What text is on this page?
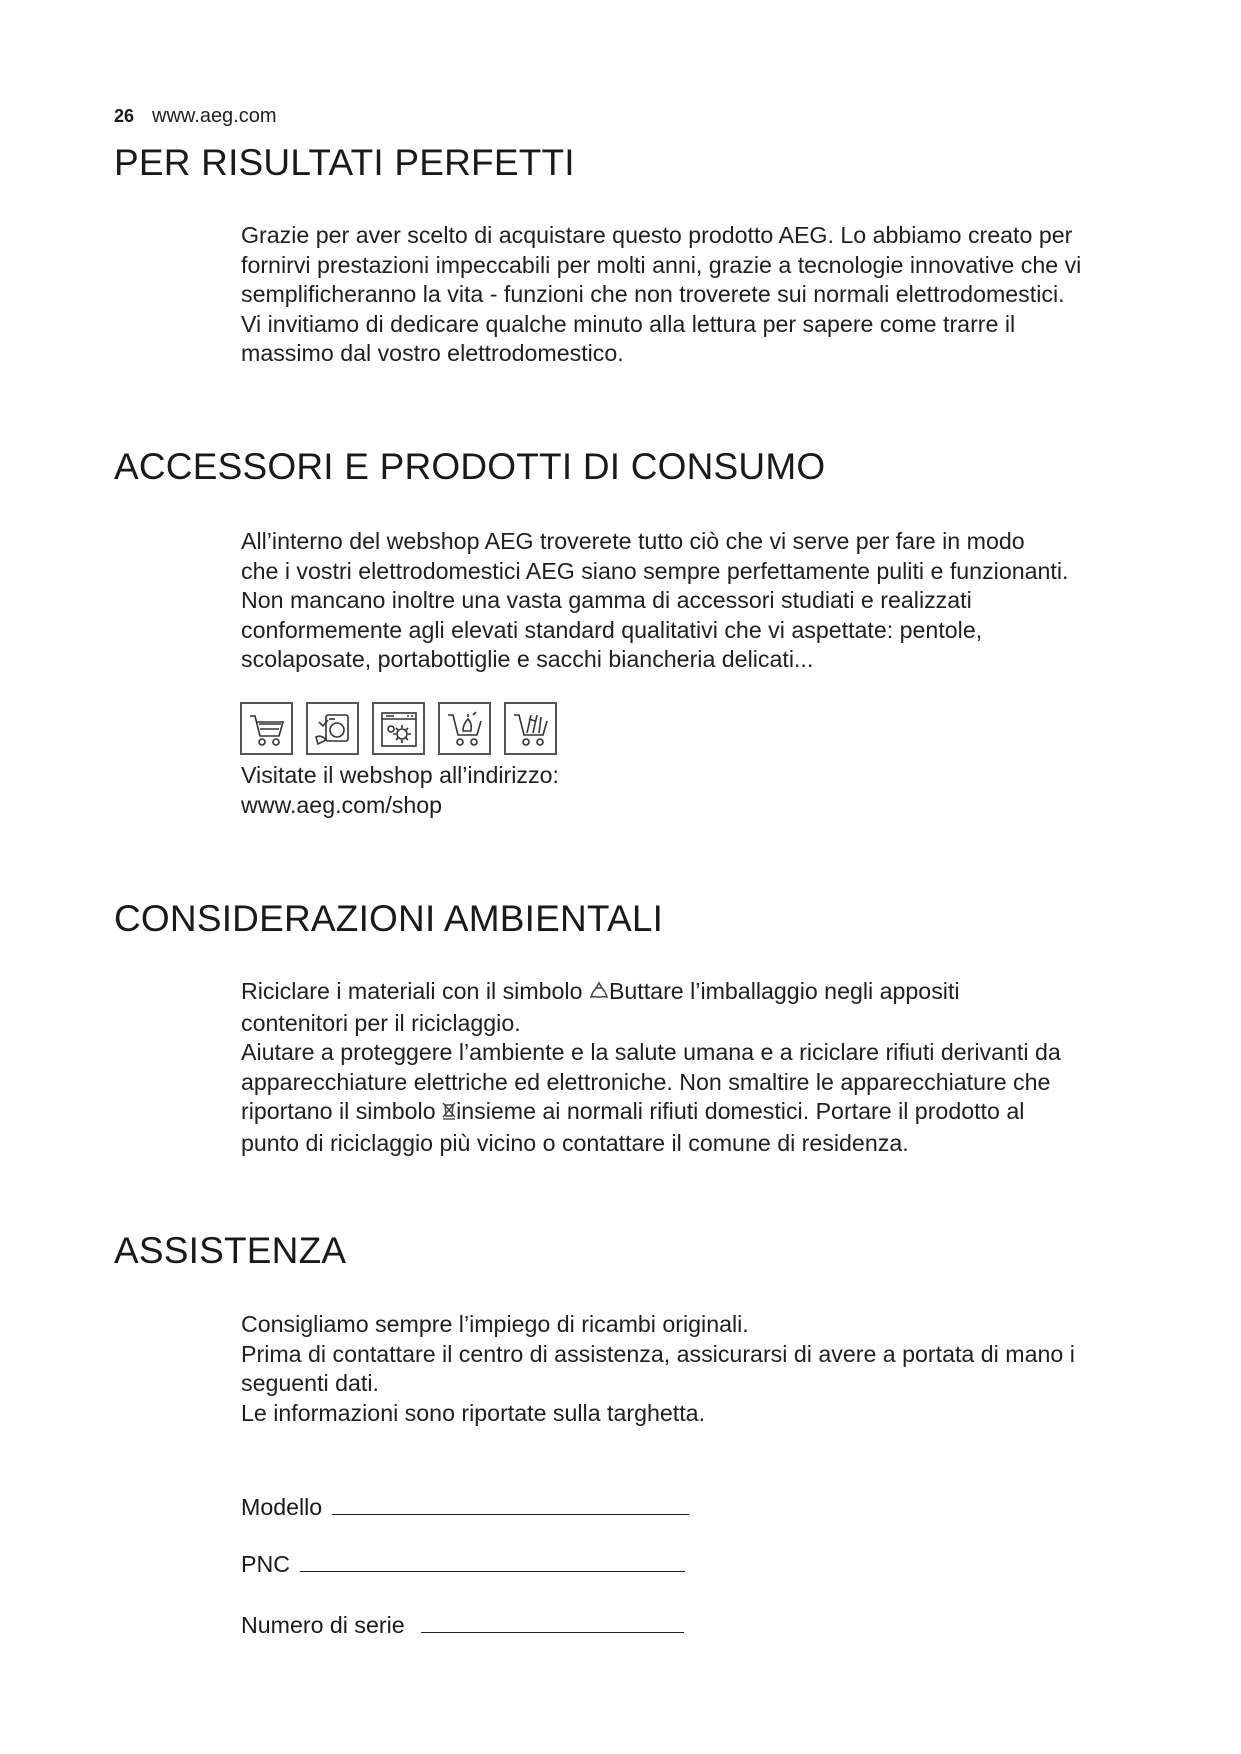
26 www.aeg.com
PER RISULTATI PERFETTI

Grazie per aver scelto di acquistare questo prodotto AEG. Lo abbiamo creato per

fornirvi prestazioni impeccabili per molti anni, grazie a tecnologie innovative che vi

semplificheranno la vita - funzioni che non troverete sui normali elettrodomestici.

Vi invitiamo di dedicare qualche minuto alla lettura per sapere come trarre il

massimo dal vostro elettrodomestico.

ACCESSORI E PRODOTTI DI CONSUMO

All’interno del webshop AEG troverete tutto ciò che vi serve per fare in modo

che i vostri elettrodomestici AEG siano sempre perfettamente puliti e funzionanti.

Non mancano inoltre una vasta gamma di accessori studiati e realizzati

conformemente agli elevati standard qualitativi che vi aspettate: pentole,

scolaposate, portabottiglie e sacchi biancheria delicati...

Visitate il webshop all’indirizzo:

www.aeg.com/shop

CONSIDERAZIONI AMBIENTALI

Riciclare i materiali con il simbolo Buttare l’imballaggio negli appositi

contenitori per il riciclaggio.

Aiutare a proteggere l’ambiente e la salute umana e a riciclare rifiuti derivanti da

apparecchiature elettriche ed elettroniche. Non smaltire le apparecchiature che

riportano il simbolo insieme ai normali rifiuti domestici. Portare il prodotto al

punto di riciclaggio più vicino o contattare il comune di residenza.

ASSISTENZA

Consigliamo sempre l’impiego di ricambi originali.

Prima di contattare il centro di assistenza, assicurarsi di avere a portata di mano i

seguenti dati.

Le informazioni sono riportate sulla targhetta.

Modello
PNC
Numero di serie
